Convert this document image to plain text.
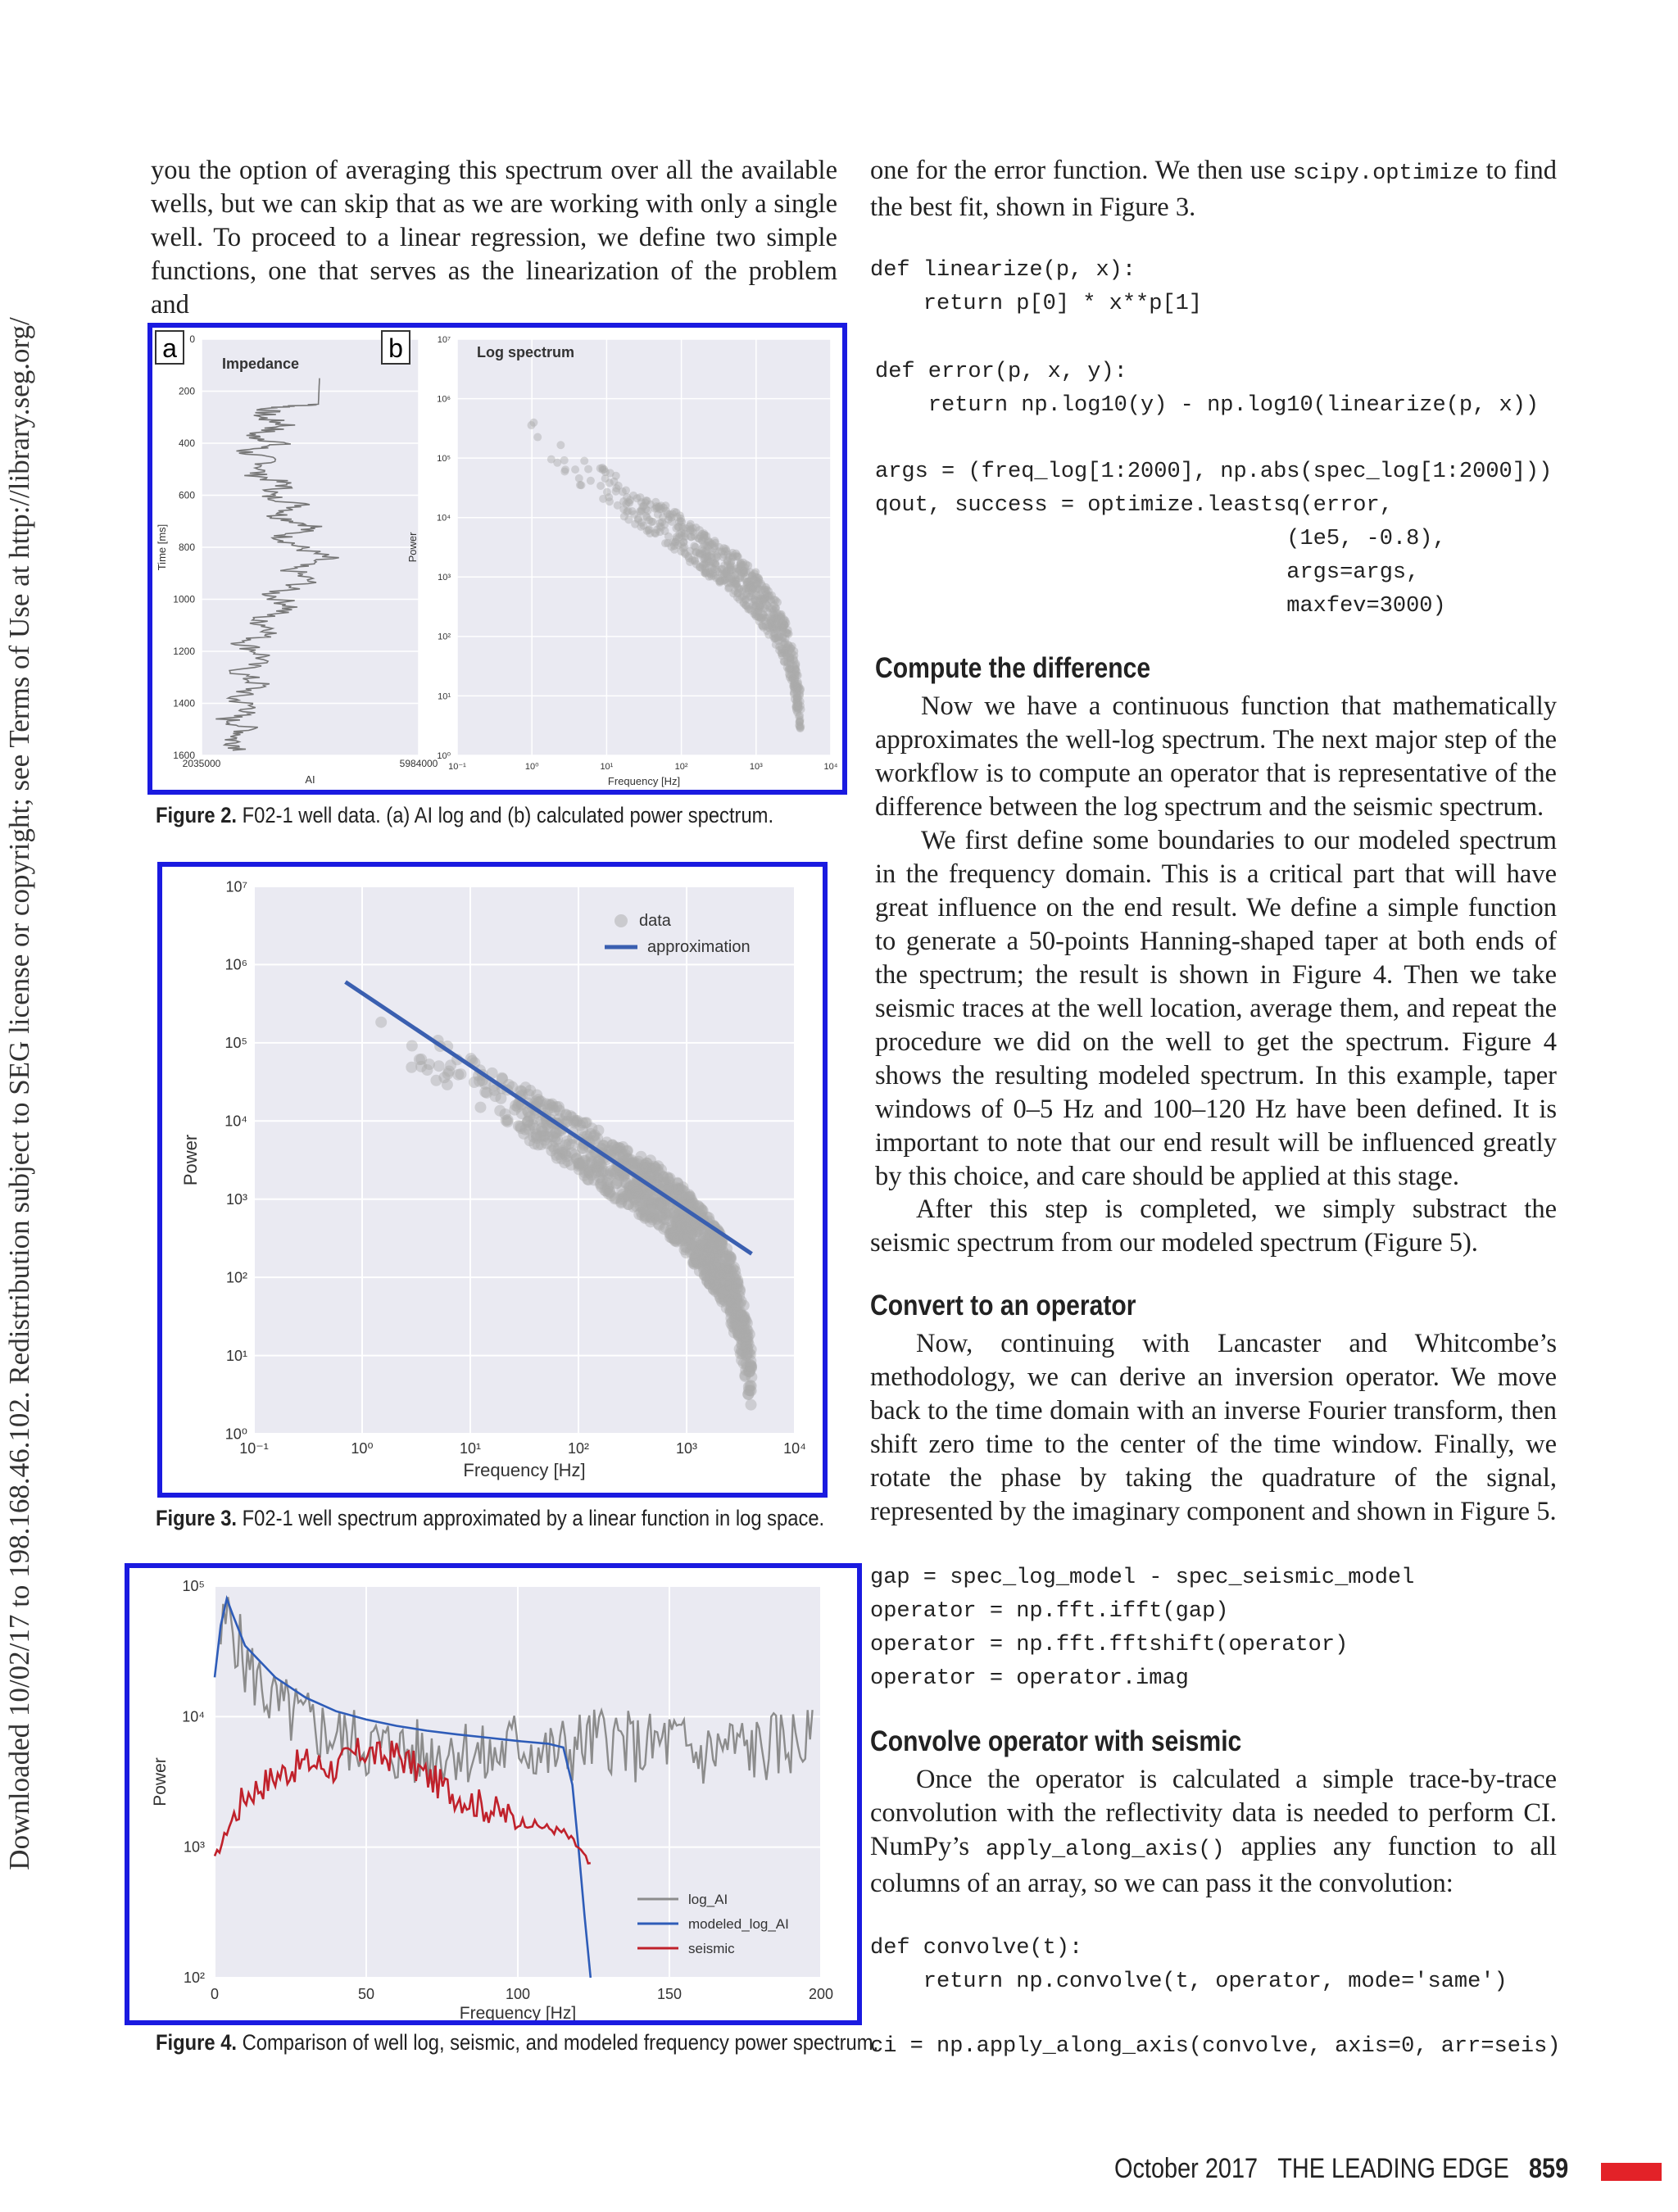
Downloaded 10/02/17 to 198.168.46.102. Redistribution subject to SEG license or copyright; see Terms of Use at http://library.seg.org/

you the option of averaging this spectrum over all the available wells, but we can skip that as we are working with only a single well. To proceed to a linear regression, we define two simple functions, one that serves as the linearization of the problem and

one for the error function. We then use scipy.optimize to find the best fit, shown in Figure 3.

def linearize(p, x):
return p[0] * x**p[1]
def error(p, x, y):
return np.log10(y) - np.log10(linearize(p, x))
args = (freq_log[1:2000], np.abs(spec_log[1:2000]))
qout, success = optimize.leastsq(error,
(1e5, -0.8),
args=args,
maxfev=3000)
Compute the difference

Now we have a continuous function that mathematically approximates the well-log spectrum. The next major step of the workflow is to compute an operator that is representative of the difference between the log spectrum and the seismic spectrum.

We first define some boundaries to our modeled spectrum in the frequency domain. This is a critical part that will have great influence on the end result. We define a simple function to generate a 50-points Hanning-shaped taper at both ends of the spectrum; the result is shown in Figure 4. Then we take seismic traces at the well location, average them, and repeat the procedure we did on the well to get the spectrum. Figure 4 shows the resulting modeled spectrum. In this example, taper windows of 0–5 Hz and 100–120 Hz have been defined. It is important to note that our end result will be influenced greatly by this choice, and care should be applied at this stage.

After this step is completed, we simply substract the seismic spectrum from our modeled spectrum (Figure 5).

Convert to an operator

Now, continuing with Lancaster and Whitcombe’s methodology, we can derive an inversion operator. We move back to the time domain with an inverse Fourier transform, then shift zero time to the center of the time window. Finally, we rotate the phase by taking the quadrature of the signal, represented by the imaginary component and shown in Figure 5.

gap = spec_log_model - spec_seismic_model
operator = np.fft.ifft(gap)
operator = np.fft.fftshift(operator)
operator = operator.imag
Convolve operator with seismic

Once the operator is calculated a simple trace-by-trace convolution with the reflectivity data is needed to perform CI. NumPy’s apply_along_axis() applies any function to all columns of an array, so we can pass it the convolution:

def convolve(t):
return np.convolve(t, operator, mode='same')
ci = np.apply_along_axis(convolve, axis=0, arr=seis)
0
200
400
600
800
1000
1200
1400
1600
2035000	5984000
AI
Time [ms]
Impedance
10⁻¹	10⁰	10¹	10²	10³	10⁴
10⁰
10¹
10²
10³
10⁴
10⁵
10⁶
10⁷
Frequency [Hz]
Power
Log spectrum
a	b
Figure 2. F02-1 well data. (a) AI log and (b) calculated power spectrum.
10⁻¹	10⁰	10¹	10²	10³	10⁴
10⁰
10¹
10²
10³
10⁴
10⁵
10⁶
10⁷
Frequency [Hz]
Power
data
approximation
Figure 3. F02-1 well spectrum approximated by a linear function in log space.
0	50	100	150	200
10²
10³
10⁴
10⁵
Frequency [Hz]
Power
log_AI
modeled_log_AI
seismic
Figure 4. Comparison of well log, seismic, and modeled frequency power spectrum.
October 2017 THE LEADING EDGE 859
